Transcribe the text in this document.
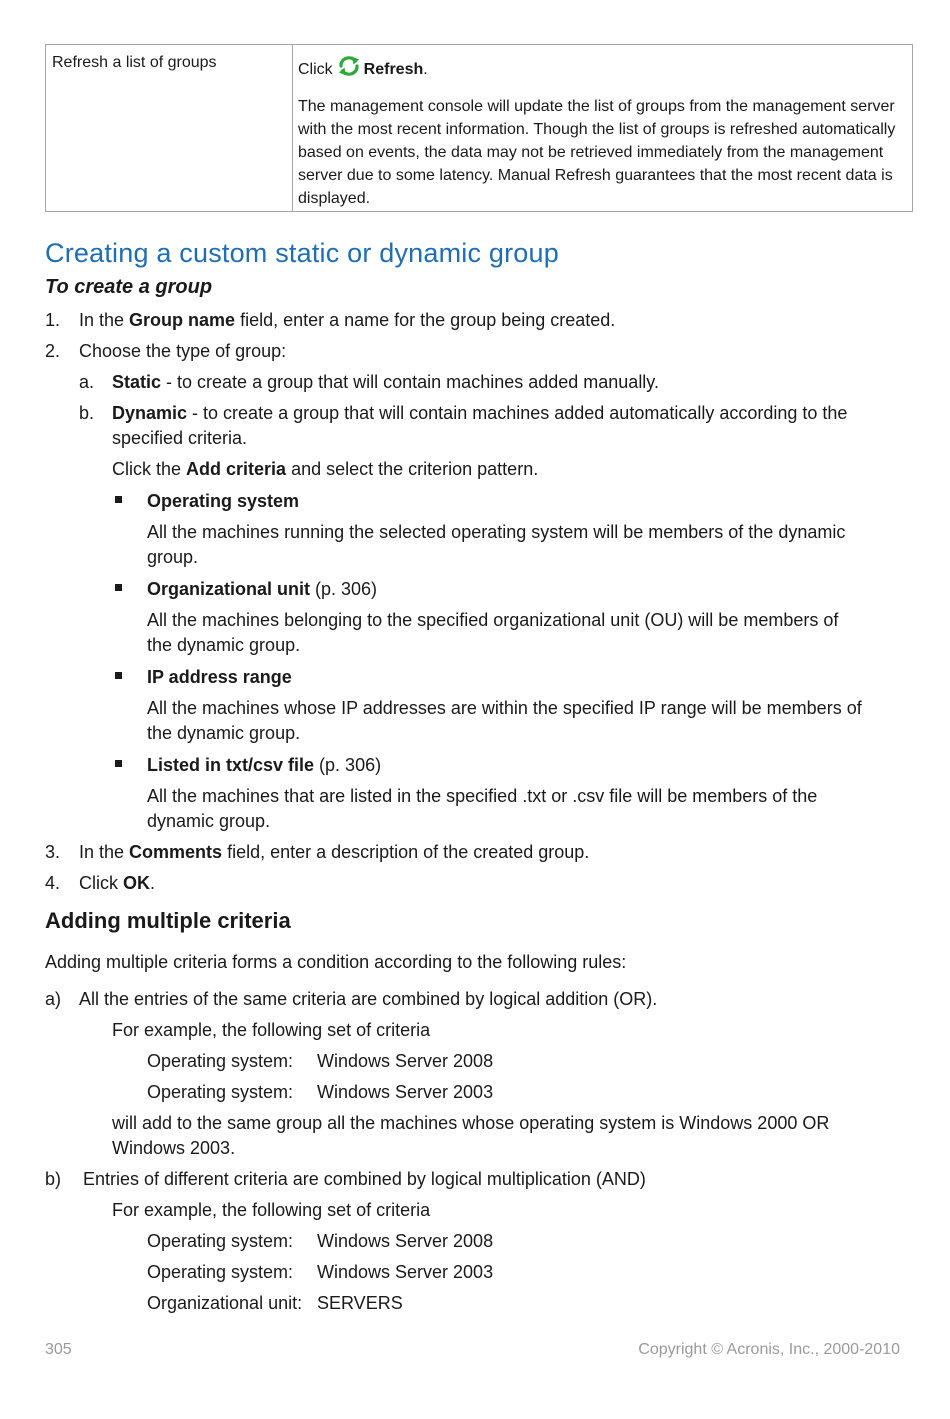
Refresh a list of groups	Click Refresh.
The management console will update the list of groups from the management server with the most recent information. Though the list of groups is refreshed automatically based on events, the data may not be retrieved immediately from the management server due to some latency. Manual Refresh guarantees that the most recent data is displayed.
Creating a custom static or dynamic group
To create a group
1. In the Group name field, enter a name for the group being created.
2. Choose the type of group:
a. Static - to create a group that will contain machines added manually.
b. Dynamic - to create a group that will contain machines added automatically according to the
specified criteria.
Click the Add criteria and select the criterion pattern.
Operating system
All the machines running the selected operating system will be members of the dynamic
group.
Organizational unit (p. 306)
All the machines belonging to the specified organizational unit (OU) will be members of
the dynamic group.
IP address range
All the machines whose IP addresses are within the specified IP range will be members of
the dynamic group.
Listed in txt/csv file (p. 306)
All the machines that are listed in the specified .txt or .csv file will be members of the
dynamic group.
3. In the Comments field, enter a description of the created group.
4. Click OK.
Adding multiple criteria
Adding multiple criteria forms a condition according to the following rules:
a) All the entries of the same criteria are combined by logical addition (OR).
For example, the following set of criteria
Operating system: Windows Server 2008
Operating system: Windows Server 2003
will add to the same group all the machines whose operating system is Windows 2000 OR
Windows 2003.
b) Entries of different criteria are combined by logical multiplication (AND)
For example, the following set of criteria
Operating system: Windows Server 2008
Operating system: Windows Server 2003
Organizational unit: SERVERS
305	Copyright © Acronis, Inc., 2000-2010
